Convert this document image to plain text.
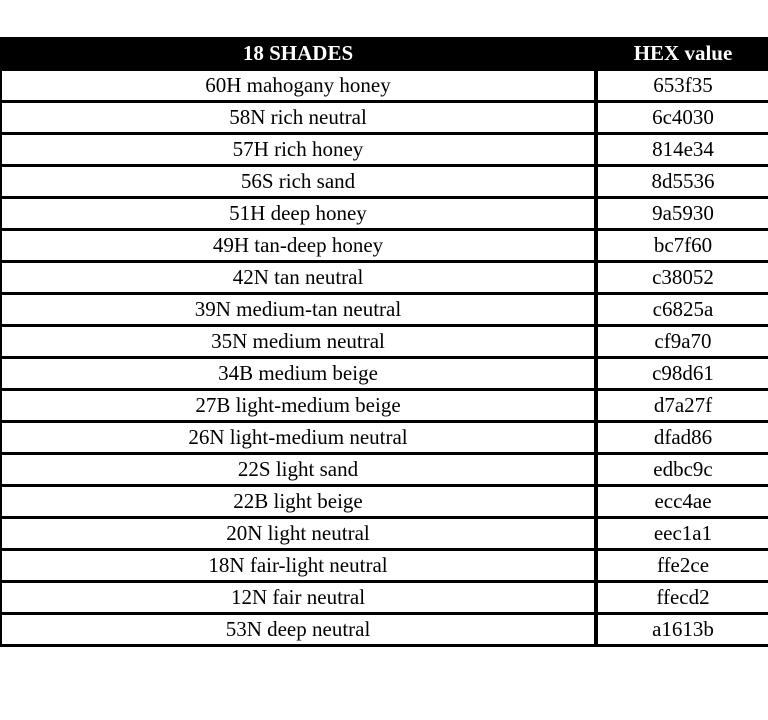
18 SHADES	HEX value
60H mahogany honey	653f35
58N rich neutral	6c4030
57H rich honey	814e34
56S rich sand	8d5536
51H deep honey	9a5930
49H tan-deep honey	bc7f60
42N tan neutral	c38052
39N medium-tan neutral	c6825a
35N medium neutral	cf9a70
34B medium beige	c98d61
27B light-medium beige	d7a27f
26N light-medium neutral	dfad86
22S light sand	edbc9c
22B light beige	ecc4ae
20N light neutral	eec1a1
18N fair-light neutral	ffe2ce
12N fair neutral	ffecd2
53N deep neutral	a1613b
